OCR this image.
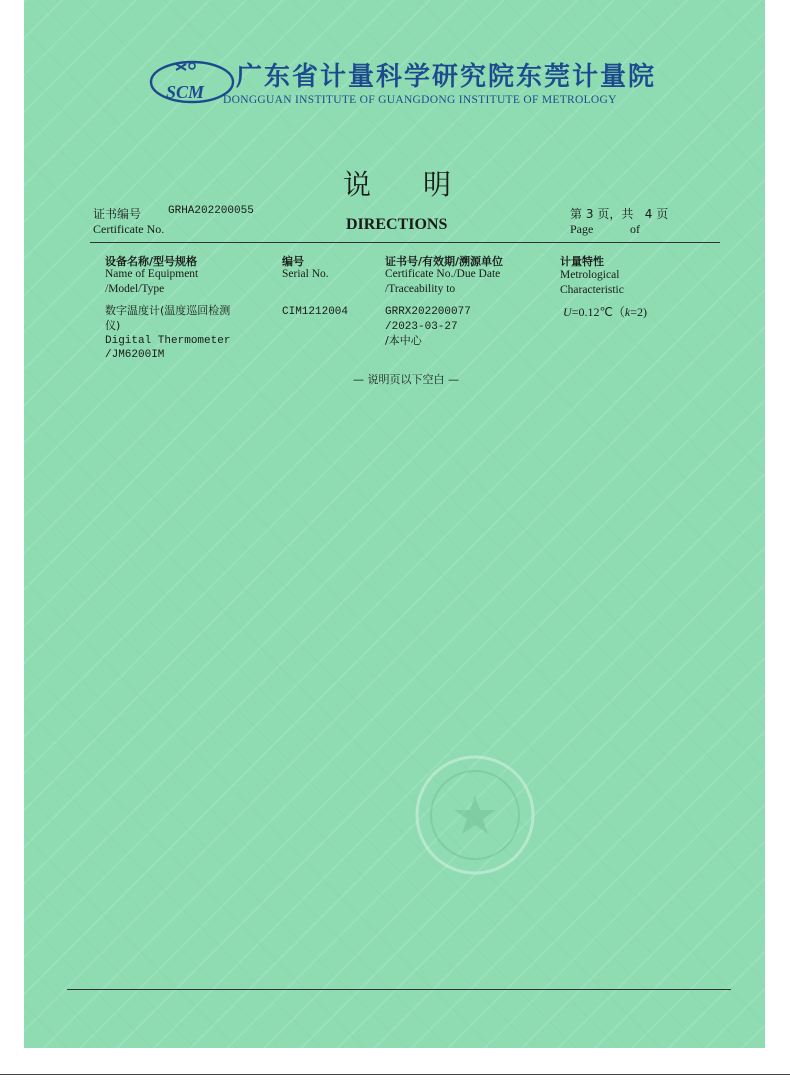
SCM 广东省计量科学研究院东莞计量院
DONGGUAN INSTITUTE OF GUANGDONG INSTITUTE OF METROLOGY
说明
DIRECTIONS
证书编号 GRHA202200055
Certificate No.
第 3 页，共 4 页
Page	of
设备名称/型号规格
Name of Equipment
/Model/Type
编号
Serial No.
证书号/有效期/溯源单位
Certificate No./Due Date
/Traceability to
计量特性
Metrological
Characteristic
数字温度计(温度巡回检测
仪)
Digital Thermometer
/JM6200IM
CIM1212004	GRRX202200077
/2023-03-27
/本中心
U=0.12℃（k=2)
— 说明页以下空白 —
